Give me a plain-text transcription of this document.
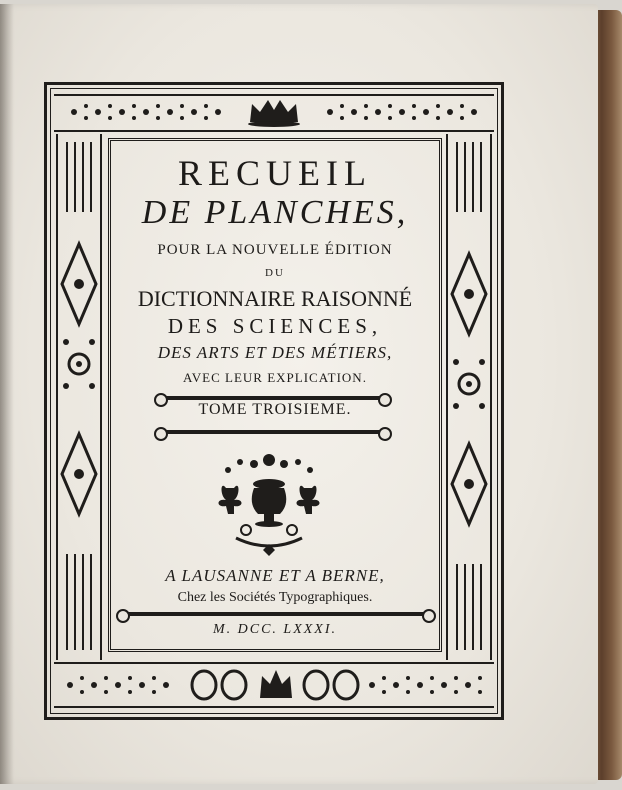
RECUEIL
DE PLANCHES,
POUR LA NOUVELLE ÉDITION
DU
DICTIONNAIRE RAISONNÉ
DES SCIENCES,
DES ARTS ET DES MÉTIERS,
AVEC LEUR EXPLICATION.
TOME TROISIEME.
A LAUSANNE ET A BERNE,
Chez les Sociétés Typographiques.
M. DCC. LXXXI.
